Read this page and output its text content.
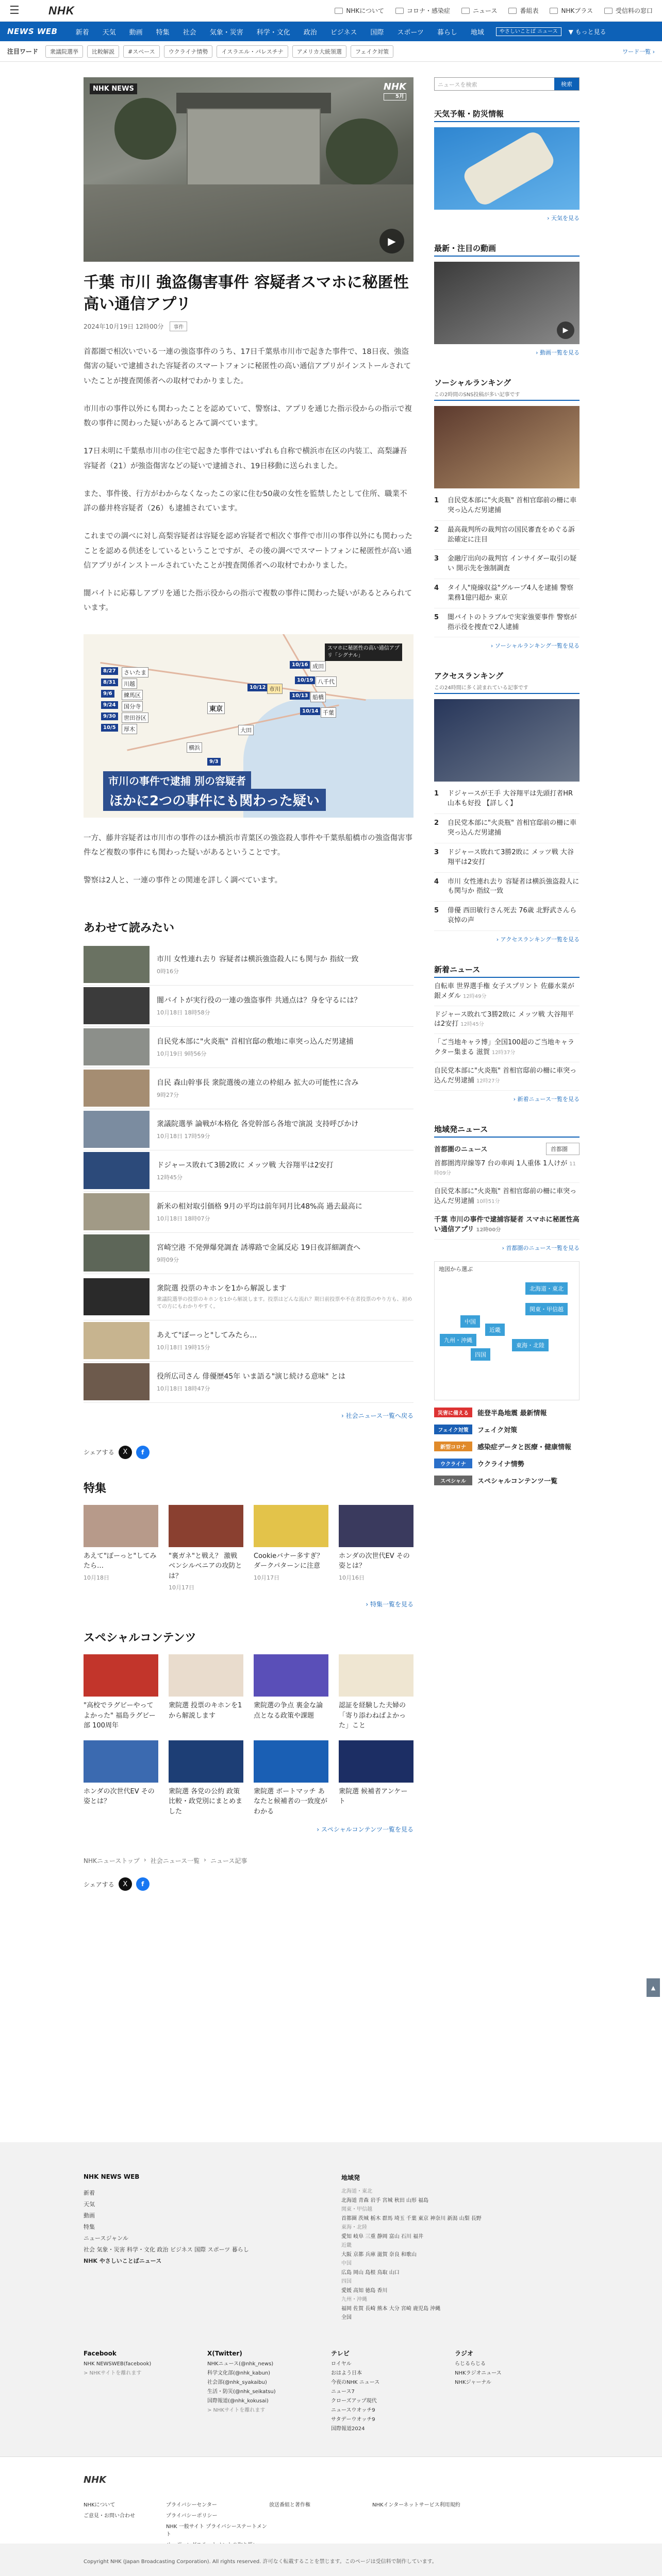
☰	NHK	NHKについて	コロナ・感染症	ニュース	番組表	NHKプラス	受信料の窓口
NEWS WEB	新着	天気	動画	特集	社会	気象・災害	科学・文化	政治	ビジネス	国際	スポーツ	暮らし	地域	やさしいことば ニュース	▼ もっと見る
注目ワード	衆議院選挙	比較解説	#スペース	ウクライナ情勢	イスラエル・パレスチナ	アメリカ大統領選	フェイク対策	ワード一覧 ›
NHK NEWS	NHK
5月
▶
千葉 市川 強盗傷害事件 容疑者スマホに秘匿性高い通信アプリ
2024年10月19日 12時00分	事件

首都圏で相次いでいる一連の強盗事件のうち、17日千葉県市川市で起きた事件で、18日夜、強盗傷害の疑いで逮捕された容疑者のスマートフォンに秘匿性の高い通信アプリがインストールされていたことが捜査関係者への取材でわかりました。

市川市の事件以外にも関わったことを認めていて、警察は、アプリを通じた指示役からの指示で複数の事件に関わった疑いがあるとみて調べています。

17日未明に千葉県市川市の住宅で起きた事件ではいずれも自称で横浜市在区の内装工、高梨謙吾容疑者（21）が強盗傷害などの疑いで逮捕され、19日移動に送られました。

また、事件後、行方がわからなくなったこの家に住む50歳の女性を監禁したとして住所、職業不詳の藤井柊容疑者（26）も逮捕されています。

これまでの調べに対し高梨容疑者は容疑を認め容疑者で相次ぐ事件で市川の事件以外にも関わったことを認める供述をしているということですが、その後の調べでスマートフォンに秘匿性が高い通信アプリがインストールされていたことが捜査関係者への取材でわかりました。

闇バイトに応募しアプリを通じた指示役からの指示で複数の事件に関わった疑いがあるとみられています。

8/27	さいたま
8/31	川越
9/6	練馬区
9/24	国分寺
9/30	世田谷区
10/5	厚木
東京
横浜
大田
10/12 市川
10/16 成田
10/19 八千代
10/13 船橋
10/14 千葉
9/3
スマホに秘匿性の高い通信アプリ「シグナル」
市川の事件で逮捕 別の容疑者
ほかに2つの事件にも関わった疑い

一方、藤井容疑者は市川市の事件のほか横浜市青葉区の強盗殺人事件や千葉県船橋市の強盗傷害事件など複数の事件にも関わった疑いがあるということです。

警察は2人と、一連の事件との関連を詳しく調べています。

あわせて読みたい
市川 女性連れ去り 容疑者は横浜強盗殺人にも関与か 指紋一致
0時16分
闇バイトが実行役の一連の強盗事件 共通点は？身を守るには？
10月18日 18時58分
自民党本部に"火炎瓶" 首相官邸の敷地に車突っ込んだ男逮捕
10月19日 9時56分
自民 森山幹事長 衆院選後の連立の枠組み 拡大の可能性に含み
9時27分
衆議院選挙 論戦が本格化 各党幹部ら各地で演説 支持呼びかけ
10月18日 17時59分
ドジャース敗れて3勝2敗に メッツ戦 大谷翔平は2安打
12時45分
新米の相対取引価格 9月の平均は前年同月比48%高 過去最高に
10月18日 18時07分
宮崎空港 不発弾爆発調査 誘導路で金属反応 19日夜詳細調査へ
9時09分
衆院選 投票のキホンを1から解説します
衆議院選挙の投票のキホンを1から解説します。投票はどんな流れ？期日前投票や不在者投票のやり方も、初めての方にもわかりやすく。
あえて"ぽーっと"してみたら…
10月18日 19時15分
役所広司さん 俳優歴45年 いま語る"演じ続ける意味" とは
10月18日 18時47分
› 社会ニュース一覧へ戻る
シェアする	X	f
特集
あえて"ぽーっと"してみたら…
10月18日
"裏ガネ"と戦え？ 激戦ベンシルベニアの攻防とは？
10月17日
Cookieバナー多すぎ？ ダークパターンに注意
10月17日
ホンダの次世代EV その姿とは？
10月16日
› 特集一覧を見る
スペシャルコンテンツ
"高校でラグビーやってよかった" 福島ラグビー部 100周年
衆院選 投票のキホンを1から解説します
衆院選の争点 裏金な論点となる政策や課題
認証を経験した夫婦の「寄り添わねばよかった」こと
ホンダの次世代EV その姿とは？
衆院選 各党の公約 政策比較・政党別にまとめました
衆院選 ボートマッチ あなたと候補者の一致度がわかる
衆院選 候補者アンケート
› スペシャルコンテンツ一覧を見る
NHKニューストップ › 社会ニュース一覧 › ニュース記事
シェアする	X	f
ニュースを検索	検索
天気予報・防災情報
› 天気を見る
最新・注目の動画
▶
› 動画一覧を見る
ソーシャルランキング
この2時間のSNS投稿が多い記事です
1	自民党本部に"火炎瓶" 首相官邸前の柵に車突っ込んだ男逮捕
2	最高裁判所の裁判官の国民審査をめぐる訴訟確定に注目
3	金融庁出向の裁判官 インサイダー取引の疑い 開示先を強制調査
4	タイ人"廃線収益"グループ4人を逮捕 警察業務1億円超か 東京
5	闇バイトのトラブルで実家強要事件 警察が指示役を捜査で2人逮捕
› ソーシャルランキング一覧を見る
アクセスランキング
この24時間に多く読まれている記事です
1	ドジャースが王手 大谷翔平は先頭打者HR 山本も好投 【詳しく】
2	自民党本部に"火炎瓶" 首相官邸前の柵に車突っ込んだ男逮捕
3	ドジャース敗れて3勝2敗に メッツ戦 大谷翔平は2安打
4	市川 女性連れ去り 容疑者は横浜強盗殺人にも関与か 指紋一致
5	俳優 西田敏行さん死去 76歳 北野武さんら哀悼の声
› アクセスランキング一覧を見る
新着ニュース
自転車 世界選手権 女子スプリント 佐藤水菜が銀メダル 12時49分
ドジャース敗れて3勝2敗に メッツ戦 大谷翔平は2安打 12時45分
「ご当地キャラ博」全国100超のご当地キャラクター集まる 滋賀 12時37分
自民党本部に"火炎瓶" 首相官邸前の柵に車突っ込んだ男逮捕 12時27分
› 新着ニュース一覧を見る
地域発ニュース
首都圏のニュース	首都圏
首都圏湾岸線等7 台の車両 1人重体 1人けが 11時09分
自民党本部に"火炎瓶" 首相官邸前の柵に車突っ込んだ男逮捕 10時51分
千葉 市川の事件で逮捕容疑者 スマホに秘匿性高い通信アプリ 12時00分
› 首都圏のニュース一覧を見る
地図から選ぶ
北海道・東北
関東・甲信越
東海・北陸
近畿
中国
九州・沖縄
四国
災害に備える	能登半島地震 最新情報
フェイク対策	フェイク対策
新型コロナ	感染症データと医療・健康情報
ウクライナ	ウクライナ情勢
スペシャル	スペシャルコンテンツ一覧
▲
NHK NEWS WEB
新着
天気
動画
特集
ニュースジャンル
社会 気象・災害 科学・文化 政治 ビジネス 国際 スポーツ 暮らし
NHK やさしいことばニュース
地域発
北海道・東北
北海道 青森 岩手 宮城 秋田 山形 福島
関東・甲信越
首都圏 茨城 栃木 群馬 埼玉 千葉 東京 神奈川 新潟 山梨 長野
東海・北陸
愛知 岐阜 三重 静岡 富山 石川 福井
近畿
大阪 京都 兵庫 滋賀 奈良 和歌山
中国
広島 岡山 島根 鳥取 山口
四国
愛媛 高知 徳島 香川
九州・沖縄
福岡 佐賀 長崎 熊本 大分 宮崎 鹿児島 沖縄
全国
Facebook
NHK NEWSWEB(facebook)
> NHKサイトを離れます
X(Twitter)
NHKニュース(@nhk_news)
科学文化部(@nhk_kabun)
社会部(@nhk_syakaibu)
生活・防災(@nhk_seikatsu)
国際報道(@nhk_kokusai)
> NHKサイトを離れます
テレビ
ロイヤル
おはよう日本
今夜のNHK ニュース
ニュース7
クローズアップ現代
ニュースウオッチ9
サタデーウオッチ9
国際報道2024
ラジオ
らじるらじる
NHKラジオニュース
NHKジャーナル
NHK
NHKについて	プライバシーセンター	放送番組と著作権	NHKインターネットサービス利用規約
ご意見・お問い合わせ	プライバシーポリシー
NHK 一般サイト プライバシーステートメント
Copyright NHK (Japan Broadcasting Corporation). All rights reserved. 許可なく転載することを禁じます。このページは受信料で制作しています。
